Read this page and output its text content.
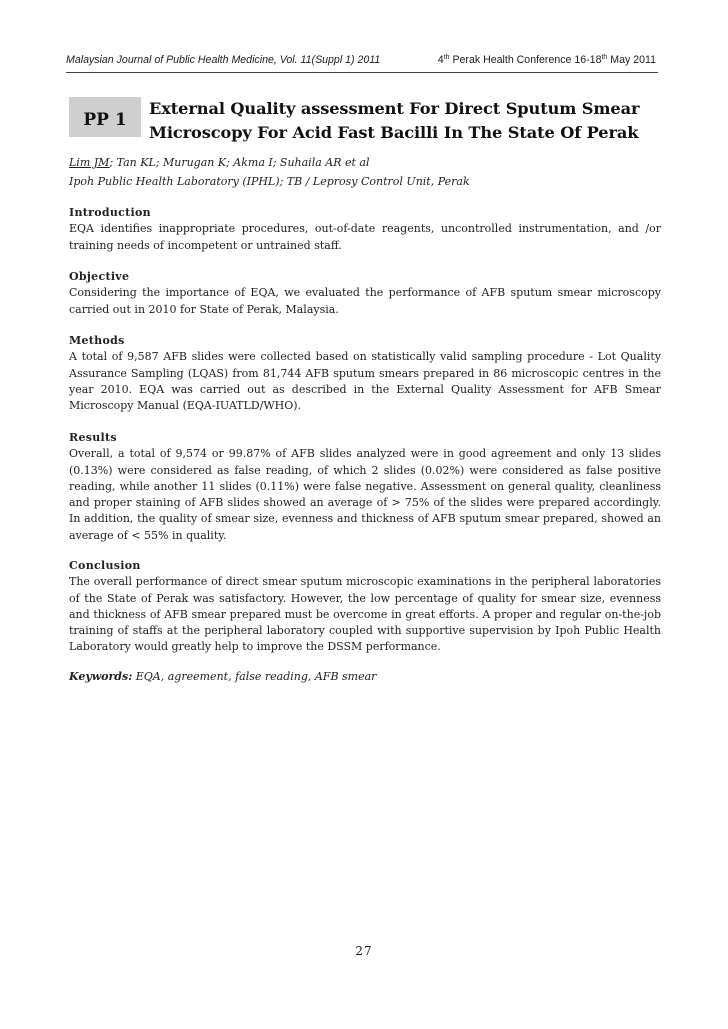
Malaysian Journal of Public Health Medicine, Vol. 11(Suppl 1) 2011	4th Perak Health Conference 16-18th May 2011
PP 1
External Quality assessment For Direct Sputum Smear Microscopy For Acid Fast Bacilli In The State Of Perak
Lim JM; Tan KL; Murugan K; Akma I; Suhaila AR et al
Ipoh Public Health Laboratory (IPHL); TB / Leprosy Control Unit, Perak
Introduction

EQA identifies inappropriate procedures, out-of-date reagents, uncontrolled instrumentation, and /or training needs of incompetent or untrained staff.

Objective

Considering the importance of EQA, we evaluated the performance of AFB sputum smear microscopy carried out in 2010 for State of Perak, Malaysia.

Methods

A total of 9,587 AFB slides were collected based on statistically valid sampling procedure - Lot Quality Assurance Sampling (LQAS) from 81,744 AFB sputum smears prepared in 86 microscopic centres in the year 2010. EQA was carried out as described in the External Quality Assessment for AFB Smear Microscopy Manual (EQA-IUATLD/WHO).

Results

Overall, a total of 9,574 or 99.87% of AFB slides analyzed were in good agreement and only 13 slides (0.13%) were considered as false reading, of which 2 slides (0.02%) were considered as false positive reading, while another 11 slides (0.11%) were false negative. Assessment on general quality, cleanliness and proper staining of AFB slides showed an average of > 75% of the slides were prepared accordingly. In addition, the quality of smear size, evenness and thickness of AFB sputum smear prepared, showed an average of < 55% in quality.

Conclusion

The overall performance of direct smear sputum microscopic examinations in the peripheral laboratories of the State of Perak was satisfactory. However, the low percentage of quality for smear size, evenness and thickness of AFB smear prepared must be overcome in great efforts. A proper and regular on-the-job training of staffs at the peripheral laboratory coupled with supportive supervision by Ipoh Public Health Laboratory would greatly help to improve the DSSM performance.

Keywords: EQA, agreement, false reading, AFB smear
27
